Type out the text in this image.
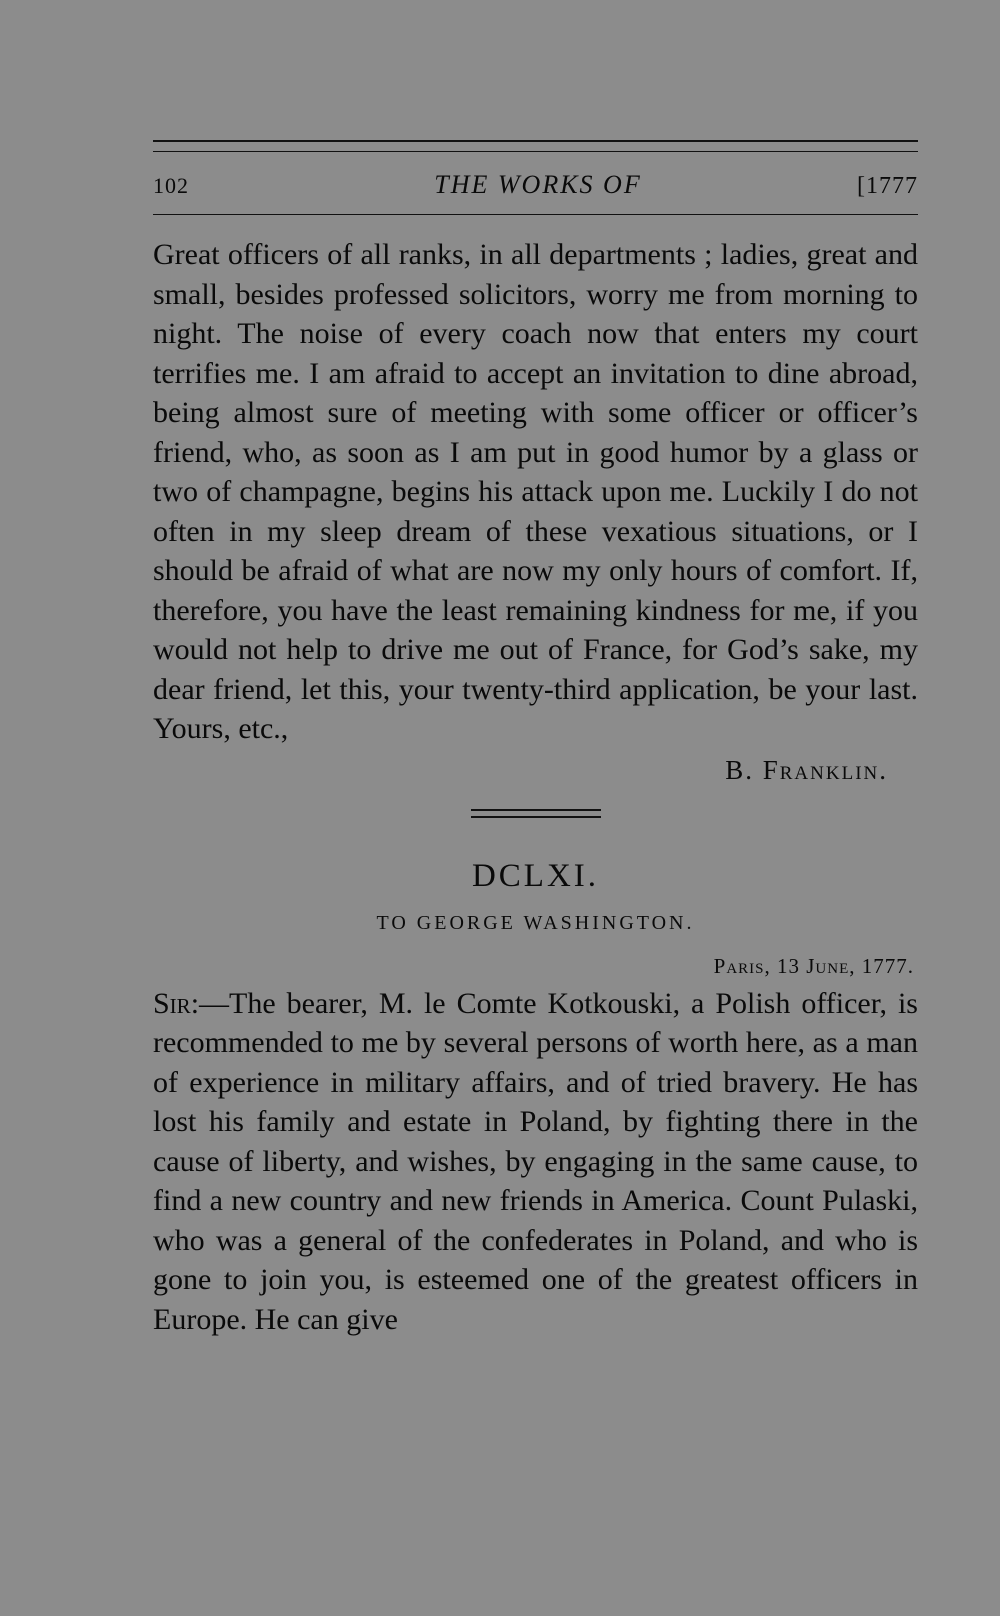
102	THE WORKS OF	[1777

Great officers of all ranks, in all departments ; ladies, great and small, besides professed solicitors, worry me from morning to night. The noise of every coach now that enters my court terrifies me. I am afraid to accept an invitation to dine abroad, being almost sure of meeting with some officer or officer’s friend, who, as soon as I am put in good humor by a glass or two of champagne, begins his attack upon me. Luckily I do not often in my sleep dream of these vexatious situations, or I should be afraid of what are now my only hours of comfort. If, therefore, you have the least remaining kindness for me, if you would not help to drive me out of France, for God’s sake, my dear friend, let this, your twenty-third application, be your last. Yours, etc.,

B. Franklin.
DCLXI.
TO GEORGE WASHINGTON.
Paris, 13 June, 1777.

Sir:—The bearer, M. le Comte Kotkouski, a Polish officer, is recommended to me by several persons of worth here, as a man of experience in military affairs, and of tried bravery. He has lost his family and estate in Poland, by fighting there in the cause of liberty, and wishes, by engaging in the same cause, to find a new country and new friends in America. Count Pulaski, who was a general of the confederates in Poland, and who is gone to join you, is esteemed one of the greatest officers in Europe. He can give
